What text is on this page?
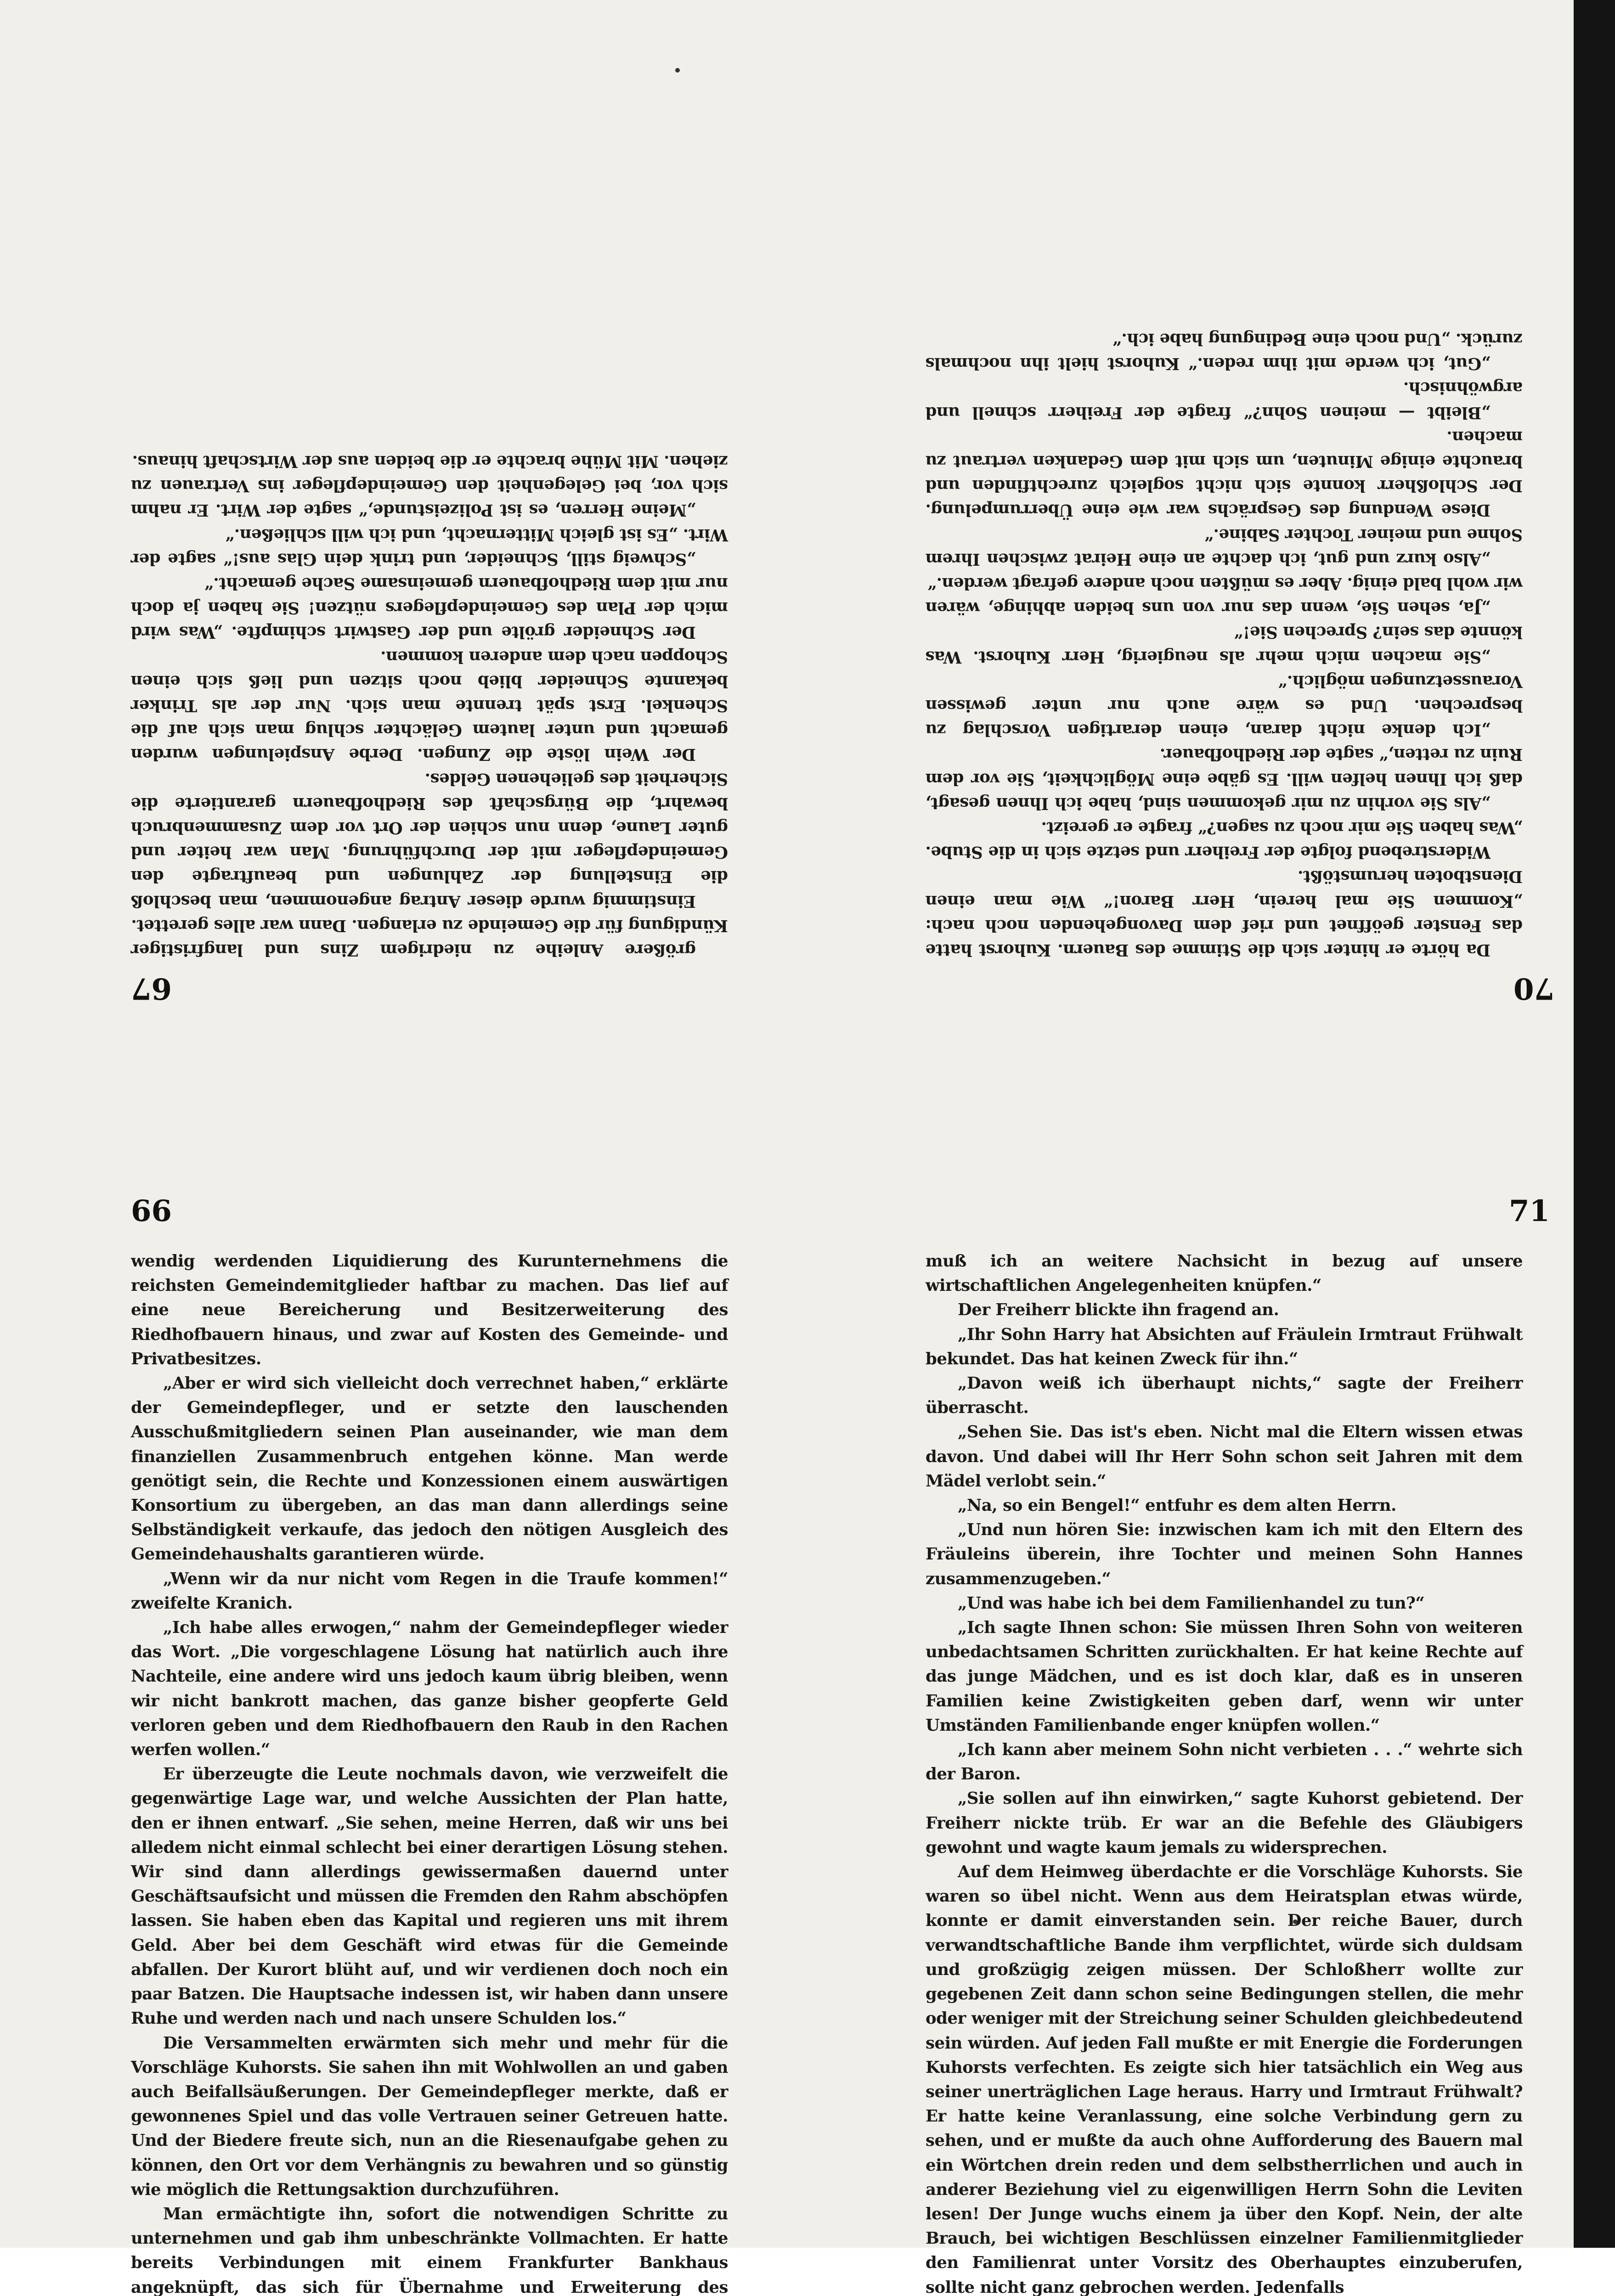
67	70

größere Anleihe zu niedrigem Zins und langfristiger Kündigung für die Gemeinde zu erlangen. Dann war alles gerettet.

Einstimmig wurde dieser Antrag angenommen, man beschloß die Einstellung der Zahlungen und beauftragte den Gemeindepfleger mit der Durchführung. Man war heiter und guter Laune, denn nun schien der Ort vor dem Zusammenbruch bewahrt, die Bürgschaft des Riedhofbauern garantierte die Sicherheit des geliehenen Geldes.

Der Wein löste die Zungen. Derbe Anspielungen wurden gemacht und unter lautem Gelächter schlug man sich auf die Schenkel. Erst spät trennte man sich. Nur der als Trinker bekannte Schneider blieb noch sitzen und ließ sich einen Schoppen nach dem anderen kommen.

Der Schneider grölte und der Gastwirt schimpfte. „Was wird mich der Plan des Gemeindepflegers nützen! Sie haben ja doch nur mit dem Riedhofbauern gemeinsame Sache gemacht.“

„Schweig still, Schneider, und trink dein Glas aus!“ sagte der Wirt. „Es ist gleich Mitternacht, und ich will schließen.“

„Meine Herren, es ist Polizeistunde,“ sagte der Wirt. Er nahm sich vor, bei Gelegenheit den Gemeindepfleger ins Vertrauen zu ziehen. Mit Mühe brachte er die beiden aus der Wirtschaft hinaus.

Da hörte er hinter sich die Stimme des Bauern. Kuhorst hatte das Fenster geöffnet und rief dem Davongehenden noch nach: „Kommen Sie mal herein, Herr Baron!“ Wie man einen Dienstboten herumstößt.

Widerstrebend folgte der Freiherr und setzte sich in die Stube. „Was haben Sie mir noch zu sagen?“ fragte er gereizt.

„Als Sie vorhin zu mir gekommen sind, habe ich Ihnen gesagt, daß ich Ihnen helfen will. Es gäbe eine Möglichkeit, Sie vor dem Ruin zu retten,“ sagte der Riedhofbauer.

„Ich denke nicht daran, einen derartigen Vorschlag zu besprechen. Und es wäre auch nur unter gewissen Voraussetzungen möglich.“

„Sie machen mich mehr als neugierig, Herr Kuhorst. Was könnte das sein? Sprechen Sie!“

„Ja, sehen Sie, wenn das nur von uns beiden abhinge, wären wir wohl bald einig. Aber es müßten noch andere gefragt werden.“

„Also kurz und gut, ich dachte an eine Heirat zwischen Ihrem Sohne und meiner Tochter Sabine.“

Diese Wendung des Gesprächs war wie eine Überrumpelung. Der Schloßherr konnte sich nicht sogleich zurechtfinden und brauchte einige Minuten, um sich mit dem Gedanken vertraut zu machen.

„Bleibt — meinen Sohn?“ fragte der Freiherr schnell und argwöhnisch.

„Gut, ich werde mit ihm reden.“ Kuhorst hielt ihn nochmals zurück. „Und noch eine Bedingung habe ich.“

66	71

wendig werdenden Liquidierung des Kurunternehmens die reichsten Gemeindemitglieder haftbar zu machen. Das lief auf eine neue Bereicherung und Besitzerweiterung des Riedhofbauern hinaus, und zwar auf Kosten des Gemeinde- und Privatbesitzes.

„Aber er wird sich vielleicht doch verrechnet haben,“ erklärte der Gemeindepfleger, und er setzte den lauschenden Ausschußmitgliedern seinen Plan auseinander, wie man dem finanziellen Zusammenbruch entgehen könne. Man werde genötigt sein, die Rechte und Konzessionen einem auswärtigen Konsortium zu übergeben, an das man dann allerdings seine Selbständigkeit verkaufe, das jedoch den nötigen Ausgleich des Gemeindehaushalts garantieren würde.

„Wenn wir da nur nicht vom Regen in die Traufe kommen!“ zweifelte Kranich.

„Ich habe alles erwogen,“ nahm der Gemeindepfleger wieder das Wort. „Die vorgeschlagene Lösung hat natürlich auch ihre Nachteile, eine andere wird uns jedoch kaum übrig bleiben, wenn wir nicht bankrott machen, das ganze bisher geopferte Geld verloren geben und dem Riedhofbauern den Raub in den Rachen werfen wollen.“

Er überzeugte die Leute nochmals davon, wie verzweifelt die gegenwärtige Lage war, und welche Aussichten der Plan hatte, den er ihnen entwarf. „Sie sehen, meine Herren, daß wir uns bei alledem nicht einmal schlecht bei einer derartigen Lösung stehen. Wir sind dann allerdings gewissermaßen dauernd unter Geschäftsaufsicht und müssen die Fremden den Rahm abschöpfen lassen. Sie haben eben das Kapital und regieren uns mit ihrem Geld. Aber bei dem Geschäft wird etwas für die Gemeinde abfallen. Der Kurort blüht auf, und wir verdienen doch noch ein paar Batzen. Die Hauptsache indessen ist, wir haben dann unsere Ruhe und werden nach und nach unsere Schulden los.“

Die Versammelten erwärmten sich mehr und mehr für die Vorschläge Kuhorsts. Sie sahen ihn mit Wohlwollen an und gaben auch Beifallsäußerungen. Der Gemeindepfleger merkte, daß er gewonnenes Spiel und das volle Vertrauen seiner Getreuen hatte. Und der Biedere freute sich, nun an die Riesenaufgabe gehen zu können, den Ort vor dem Verhängnis zu bewahren und so günstig wie möglich die Rettungsaktion durchzuführen.

Man ermächtigte ihn, sofort die notwendigen Schritte zu unternehmen und gab ihm unbeschränkte Vollmachten. Er hatte bereits Verbindungen mit einem Frankfurter Bankhaus angeknüpft, das sich für Übernahme und Erweiterung des

muß ich an weitere Nachsicht in bezug auf unsere wirtschaftlichen Angelegenheiten knüpfen.“

Der Freiherr blickte ihn fragend an.

„Ihr Sohn Harry hat Absichten auf Fräulein Irmtraut Frühwalt bekundet. Das hat keinen Zweck für ihn.“

„Davon weiß ich überhaupt nichts,“ sagte der Freiherr überrascht.

„Sehen Sie. Das ist's eben. Nicht mal die Eltern wissen etwas davon. Und dabei will Ihr Herr Sohn schon seit Jahren mit dem Mädel verlobt sein.“

„Na, so ein Bengel!“ entfuhr es dem alten Herrn.

„Und nun hören Sie: inzwischen kam ich mit den Eltern des Fräuleins überein, ihre Tochter und meinen Sohn Hannes zusammenzugeben.“

„Und was habe ich bei dem Familienhandel zu tun?“

„Ich sagte Ihnen schon: Sie müssen Ihren Sohn von weiteren unbedachtsamen Schritten zurückhalten. Er hat keine Rechte auf das junge Mädchen, und es ist doch klar, daß es in unseren Familien keine Zwistigkeiten geben darf, wenn wir unter Umständen Familienbande enger knüpfen wollen.“

„Ich kann aber meinem Sohn nicht verbieten . . .“ wehrte sich der Baron.

„Sie sollen auf ihn einwirken,“ sagte Kuhorst gebietend. Der Freiherr nickte trüb. Er war an die Befehle des Gläubigers gewohnt und wagte kaum jemals zu widersprechen.

Auf dem Heimweg überdachte er die Vorschläge Kuhorsts. Sie waren so übel nicht. Wenn aus dem Heiratsplan etwas würde, konnte er damit einverstanden sein. Der reiche Bauer, durch verwandtschaftliche Bande ihm verpflichtet, würde sich duldsam und großzügig zeigen müssen. Der Schloßherr wollte zur gegebenen Zeit dann schon seine Bedingungen stellen, die mehr oder weniger mit der Streichung seiner Schulden gleichbedeutend sein würden. Auf jeden Fall mußte er mit Energie die Forderungen Kuhorsts verfechten. Es zeigte sich hier tatsächlich ein Weg aus seiner unerträglichen Lage heraus. Harry und Irmtraut Frühwalt? Er hatte keine Veranlassung, eine solche Verbindung gern zu sehen, und er mußte da auch ohne Aufforderung des Bauern mal ein Wörtchen drein reden und dem selbstherrlichen und auch in anderer Beziehung viel zu eigenwilligen Herrn Sohn die Leviten lesen! Der Junge wuchs einem ja über den Kopf. Nein, der alte Brauch, bei wichtigen Beschlüssen einzelner Familienmitglieder den Familienrat unter Vorsitz des Oberhauptes einzuberufen, sollte nicht ganz gebrochen werden. Jedenfalls
